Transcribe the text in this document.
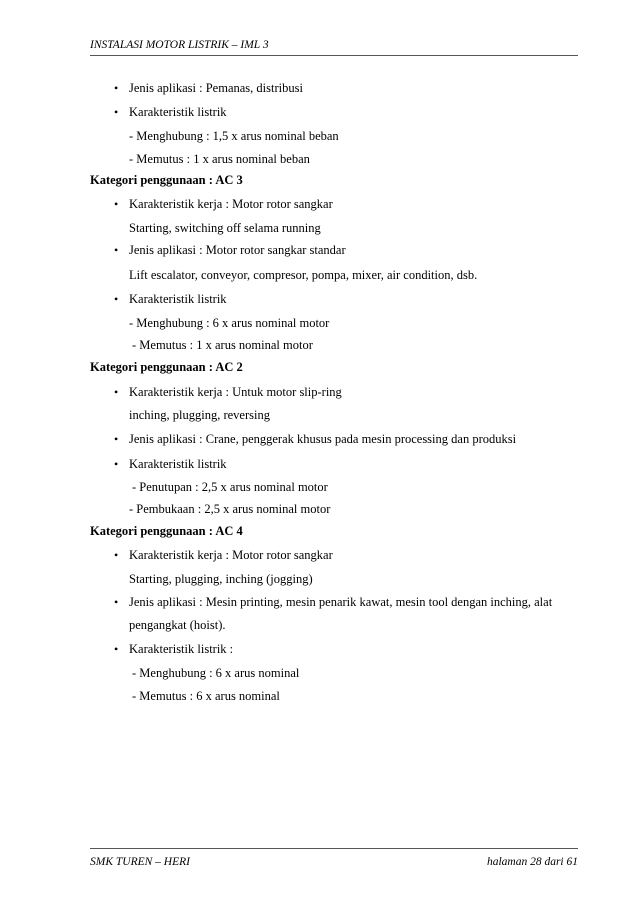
INSTALASI MOTOR LISTRIK – IML 3
•
•
•
•
•
•
•
•
•
•
•
Jenis aplikasi : Pemanas, distribusi
Karakteristik listrik
- Menghubung : 1,5 x arus nominal beban
- Memutus : 1 x arus nominal beban
Kategori penggunaan : AC 3
Karakteristik kerja : Motor rotor sangkar
Starting, switching off selama running
Jenis aplikasi : Motor rotor sangkar standar
Lift escalator, conveyor, compresor, pompa, mixer, air condition, dsb.
Karakteristik listrik
- Menghubung : 6 x arus nominal motor
- Memutus : 1 x arus nominal motor
Kategori penggunaan : AC 2
Karakteristik kerja : Untuk motor slip-ring
inching, plugging, reversing
Jenis aplikasi : Crane, penggerak khusus pada mesin processing dan produksi
Karakteristik listrik
- Penutupan : 2,5 x arus nominal motor
- Pembukaan : 2,5 x arus nominal motor
Kategori penggunaan : AC 4
Karakteristik kerja : Motor rotor sangkar
Starting, plugging, inching (jogging)
Jenis aplikasi : Mesin printing, mesin penarik kawat, mesin tool dengan inching, alat
pengangkat (hoist).
Karakteristik listrik :
- Menghubung : 6 x arus nominal
- Memutus : 6 x arus nominal
SMK TUREN – HERI	halaman 28 dari 61
